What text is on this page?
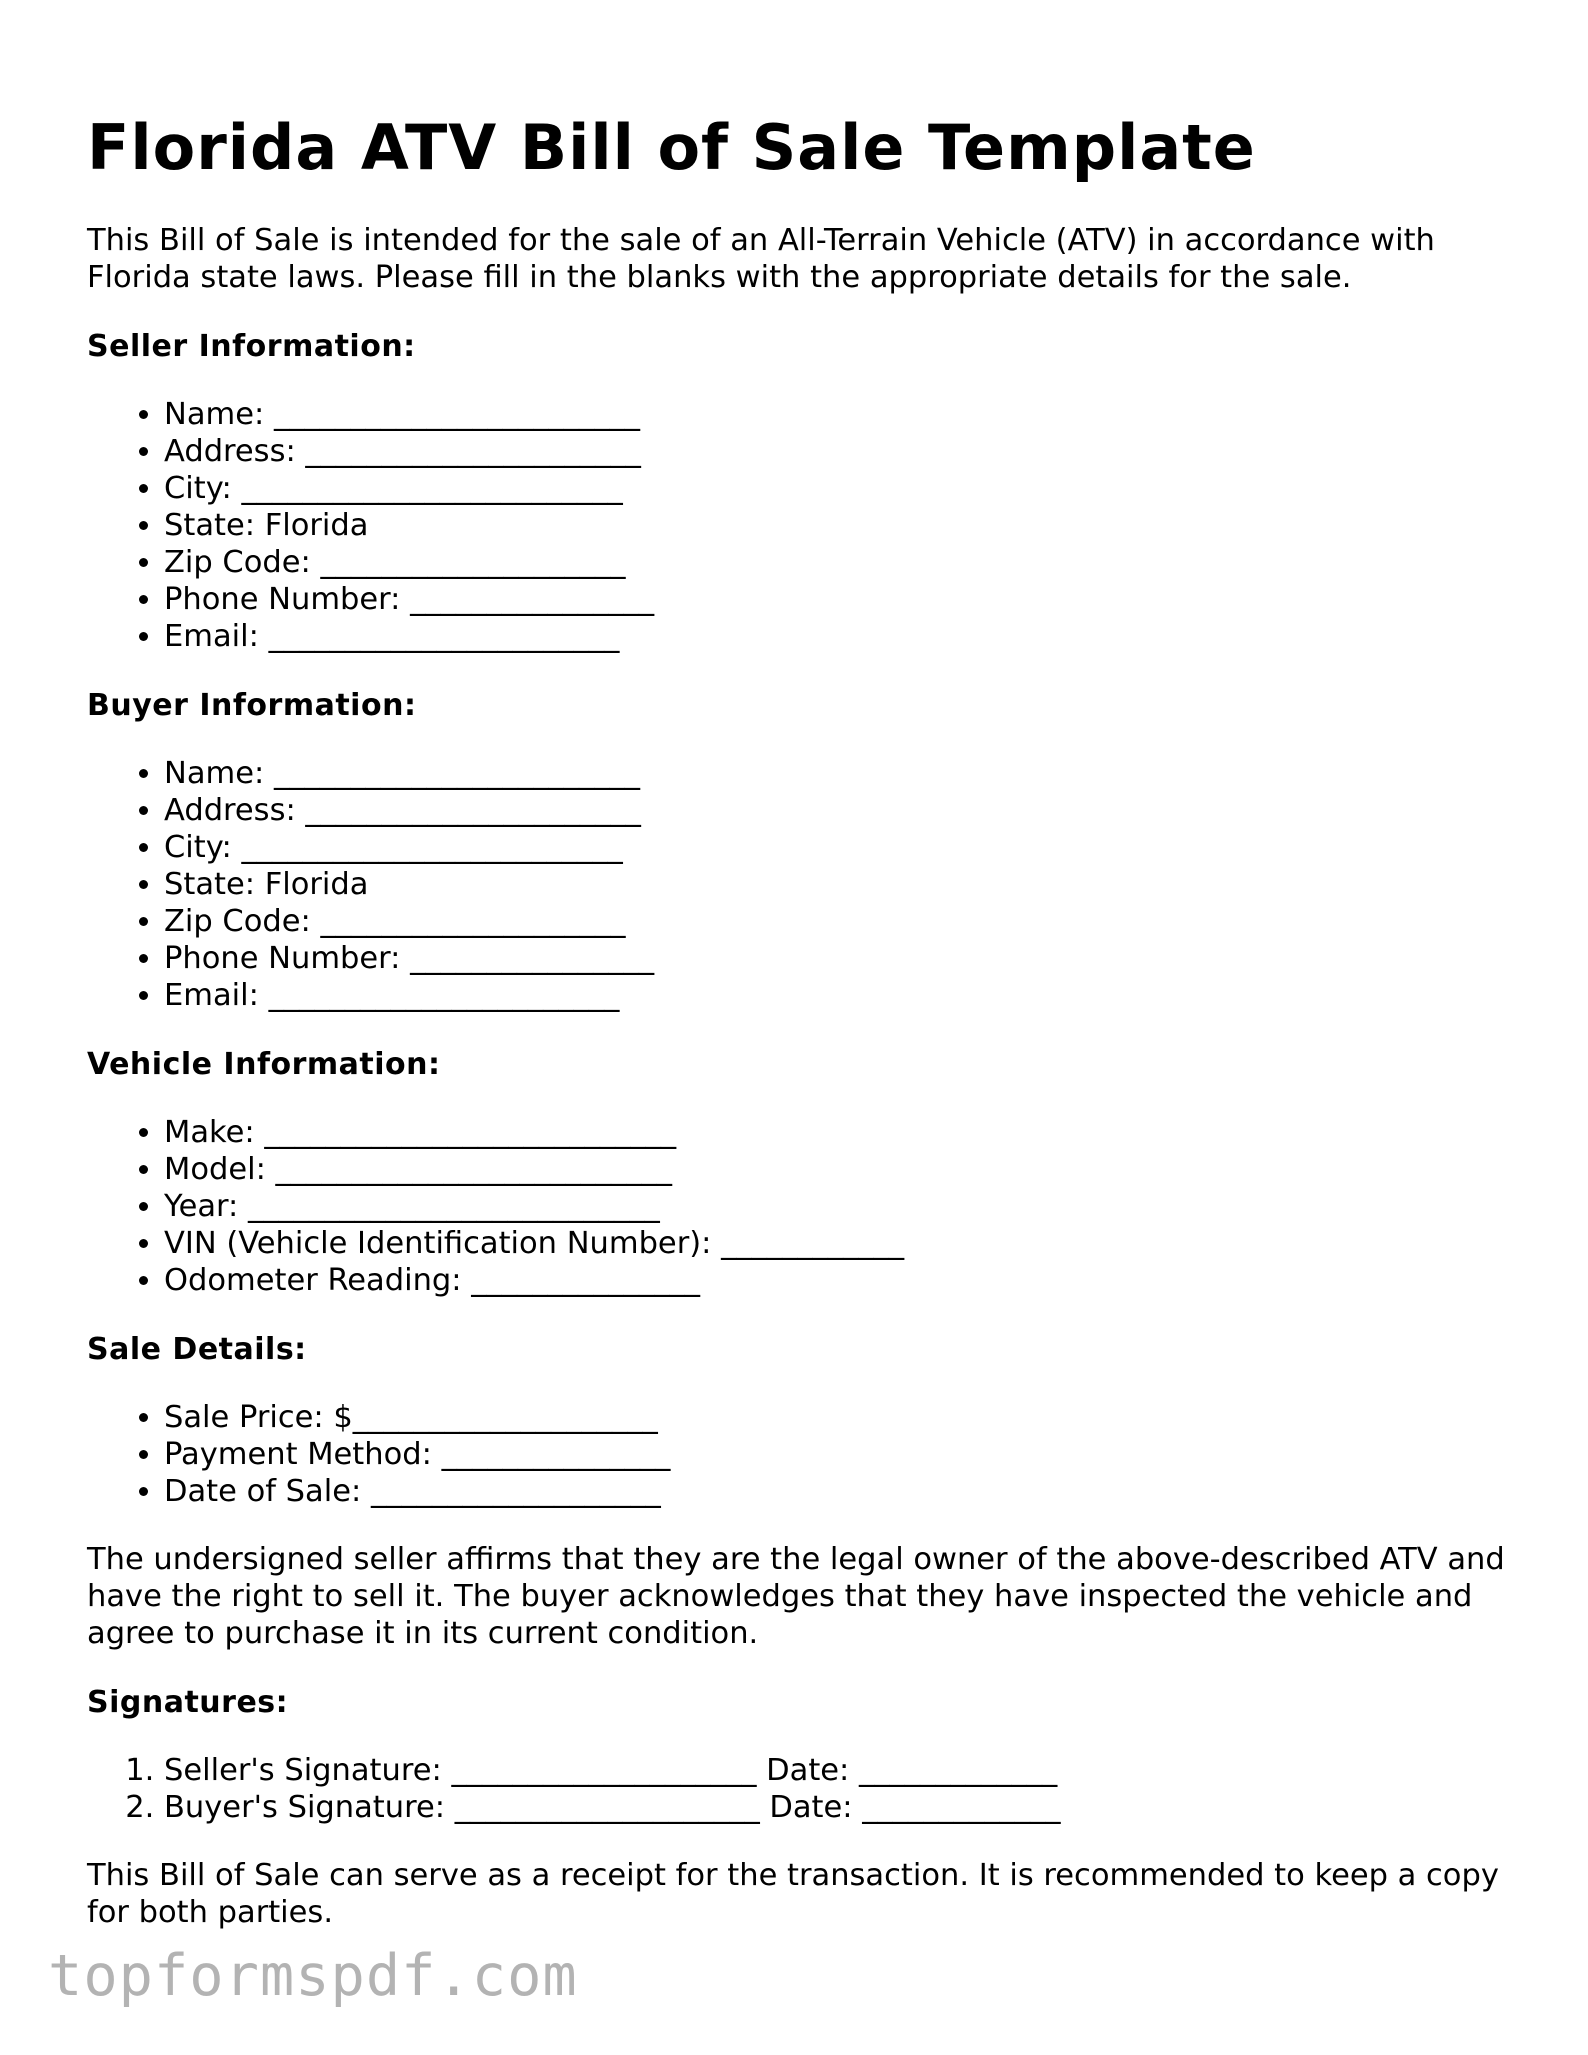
Florida ATV Bill of Sale Template

This Bill of Sale is intended for the sale of an All-Terrain Vehicle (ATV) in accordance with Florida state laws. Please fill in the blanks with the appropriate details for the sale.

Seller Information:
• Name: ________________________
• Address: ______________________
• City: _________________________
• State: Florida
• Zip Code: ____________________
• Phone Number: ________________
• Email: _______________________
Buyer Information:
• Name: ________________________
• Address: ______________________
• City: _________________________
• State: Florida
• Zip Code: ____________________
• Phone Number: ________________
• Email: _______________________
Vehicle Information:
• Make: ___________________________
• Model: __________________________
• Year: ___________________________
• VIN (Vehicle Identification Number): ____________
• Odometer Reading: _______________
Sale Details:
• Sale Price: $____________________
• Payment Method: _______________
• Date of Sale: ___________________

The undersigned seller affirms that they are the legal owner of the above-described ATV and have the right to sell it. The buyer acknowledges that they have inspected the vehicle and agree to purchase it in its current condition.

Signatures:
1. Seller's Signature: ____________________ Date: _____________
2. Buyer's Signature: ____________________ Date: _____________

This Bill of Sale can serve as a receipt for the transaction. It is recommended to keep a copy for both parties.

topformspdf.com
